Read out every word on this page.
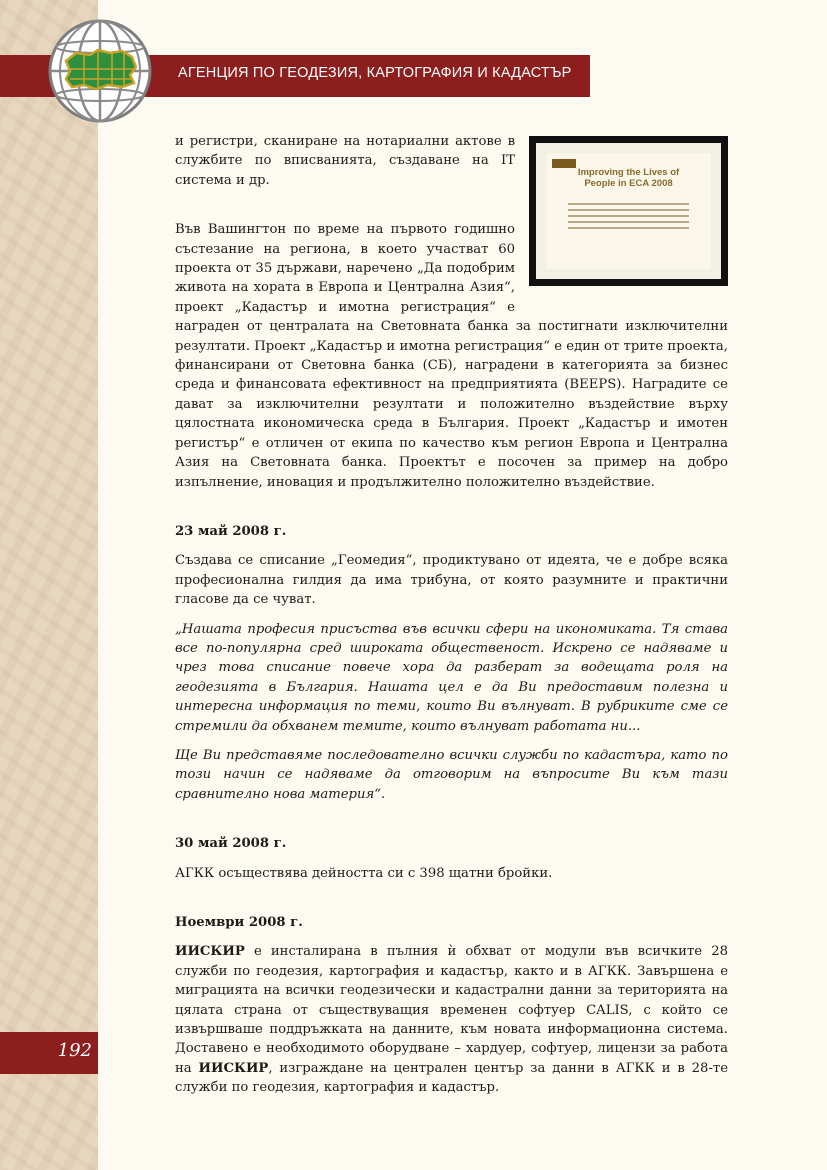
АГЕНЦИЯ ПО ГЕОДЕЗИЯ, КАРТОГРАФИЯ И КАДАСТЪР
192
Improving the Lives of
People in ECA 2008

и регистри, сканиране на нотариални актове в службите по вписванията, създаване на IT система и др.

Във Вашингтон по време на първото годишно състезание на региона, в което участват 60 проекта от 35 държави, наречено „Да подобрим живота на хората в Европа и Централна Азия“, проект „Кадастър и имотна регистрация“ е награден от централата на Световната банка за постигнати изключителни резултати. Проект „Кадастър и имотна регистрация“ е един от трите проекта, финансирани от Световна банка (СБ), наградени в категорията за бизнес среда и финансовата ефективност на предприятията (BEEPS). Наградите се дават за изключителни резултати и положително въздействие върху цялостната икономическа среда в България. Проект „Кадастър и имотен регистър“ е отличен от екипа по качество към регион Европа и Централна Азия на Световната банка. Проектът е посочен за пример на добро изпълнение, иновация и продължително положително въздействие.

23 май 2008 г.

Създава се списание „Геомедия“, продиктувано от идеята, че е добре всяка професионална гилдия да има трибуна, от която разумните и практични гласове да се чуват.

„Нашата професия присъства във всички сфери на икономиката. Тя става все по-популярна сред широката общественост. Искрено се надяваме и чрез това списание повече хора да разберат за водещата роля на геодезията в България. Нашата цел е да Ви предоставим полезна и интересна информация по теми, които Ви вълнуват. В рубриките сме се стремили да обхванем темите, които вълнуват работата ни...

Ще Ви представяме последователно всички служби по кадастъра, като по този начин се надяваме да отговорим на въпросите Ви към тази сравнително нова материя“.

30 май 2008 г.

АГКК осъществява дейността си с 398 щатни бройки.

Ноември 2008 г.

ИИСКИР е инсталирана в пълния ѝ обхват от модули във всичките 28 служби по геодезия, картография и кадастър, както и в АГКК. Завършена е миграцията на всички геодезически и кадастрални данни за територията на цялата страна от съществуващия временен софтуер CALIS, с който се извършваше поддръжката на данните, към новата информационна система. Доставено е необходимото оборудване – хардуер, софтуер, лицензи за работа на ИИСКИР, изграждане на централен център за данни в АГКК и в 28-те служби по геодезия, картография и кадастър.
